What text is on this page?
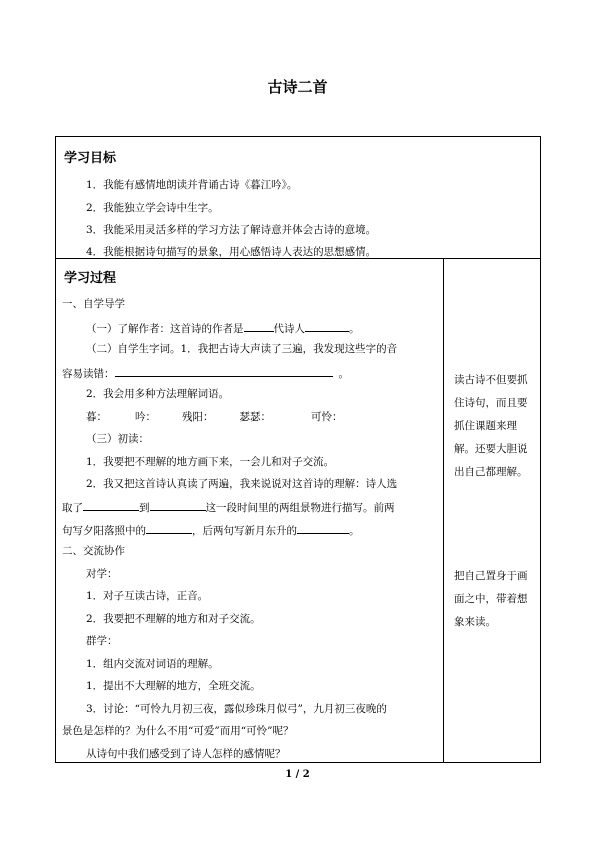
古诗二首
学习目标
1．我能有感情地朗读并背诵古诗《暮江吟》。
2．我能独立学会诗中生字。
3．我能采用灵活多样的学习方法了解诗意并体会古诗的意境。
4．我能根据诗句描写的景象，用心感悟诗人表达的思想感情。
学习过程
一、自学导学
（一）了解作者：这首诗的作者是	代诗人	。
（二）自学生字词。1．我把古诗大声读了三遍，我发现这些字的音
容易读错：	。
2．我会用多种方法理解词语。
暮：	吟： 残阳： 瑟瑟：	可怜：
（三）初读：
1．我要把不理解的地方画下来，一会儿和对子交流。
2．我又把这首诗认真读了两遍，我来说说对这首诗的理解：诗人选
取了	到	这一段时间里的两组景物进行描写。前两
句写夕阳落照中的	，后两句写新月东升的	。
二、交流协作
对学：
1．对子互读古诗，正音。
2．我要把不理解的地方和对子交流。
群学：
1．组内交流对词语的理解。
1．提出不大理解的地方，全班交流。
3．讨论：“可怜九月初三夜，露似珍珠月似弓”，九月初三夜晚的
景色是怎样的？为什么不用“可爱”而用“可怜”呢？
从诗句中我们感受到了诗人怎样的感情呢？
读古诗不但要抓住诗句，而且要抓住课题来理解。还要大胆说出自己都理解。
把自己置身于画面之中，带着想象来读。
1 / 2
